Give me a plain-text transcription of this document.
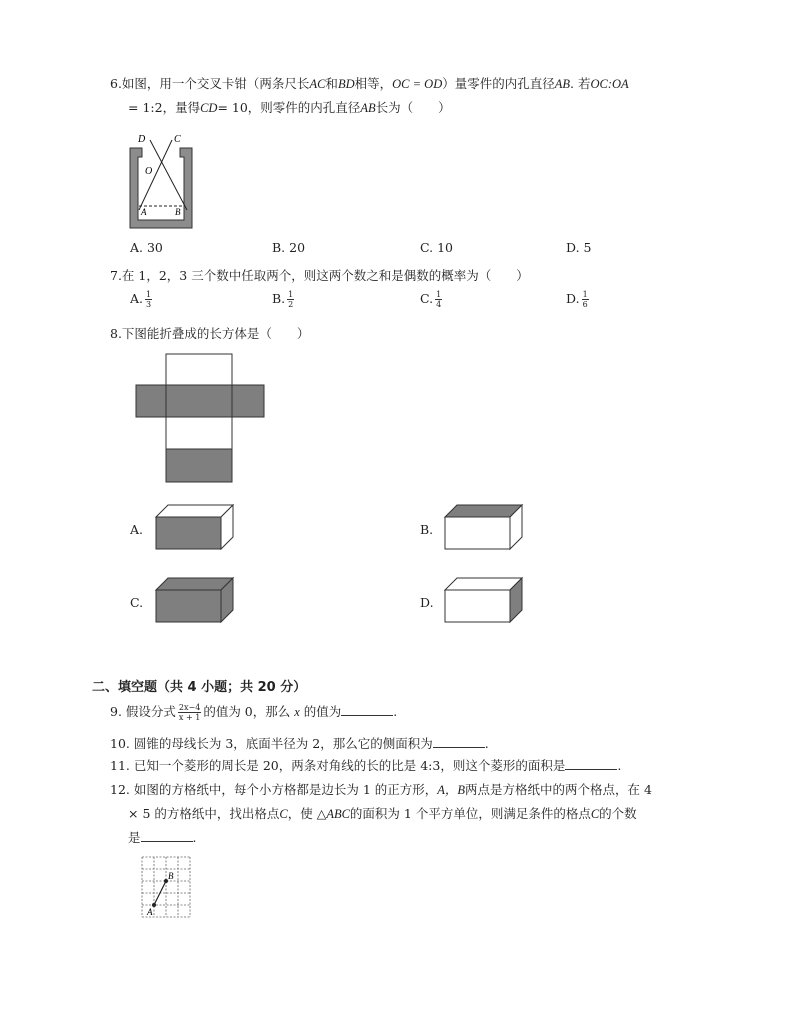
6.如图，用一个交叉卡钳（两条尺长AC和BD相等，OC = OD）量零件的内孔直径AB. 若OC:OA
= 1:2，量得CD= 10，则零件的内孔直径AB长为（　　）
D	C
O
A	B
A. 30	B. 20	C. 10	D. 5
7.在 1，2，3 三个数中任取两个，则这两个数之和是偶数的概率为（　　）
A. $\frac{1}{3}$	B. $\frac{1}{2}$	C. $\frac{1}{4}$	D. $\frac{1}{6}$
8.下图能折叠成的长方体是（　　）
A.	B.
C.	D.
二、填空题（共 4 小题；共 20 分）
9. 假设分式 $\frac{2x-4}{x + 1}$ 的值为 0，那么 x 的值为	.
10. 圆锥的母线长为 3，底面半径为 2，那么它的侧面积为	.
11. 已知一个菱形的周长是 20，两条对角线的长的比是 4:3，则这个菱形的面积是	.
12. 如图的方格纸中，每个小方格都是边长为 1 的正方形，A，B两点是方格纸中的两个格点，在 4
× 5 的方格纸中，找出格点C，使 △ABC的面积为 1 个平方单位，则满足条件的格点C的个数
是	.
A
B
